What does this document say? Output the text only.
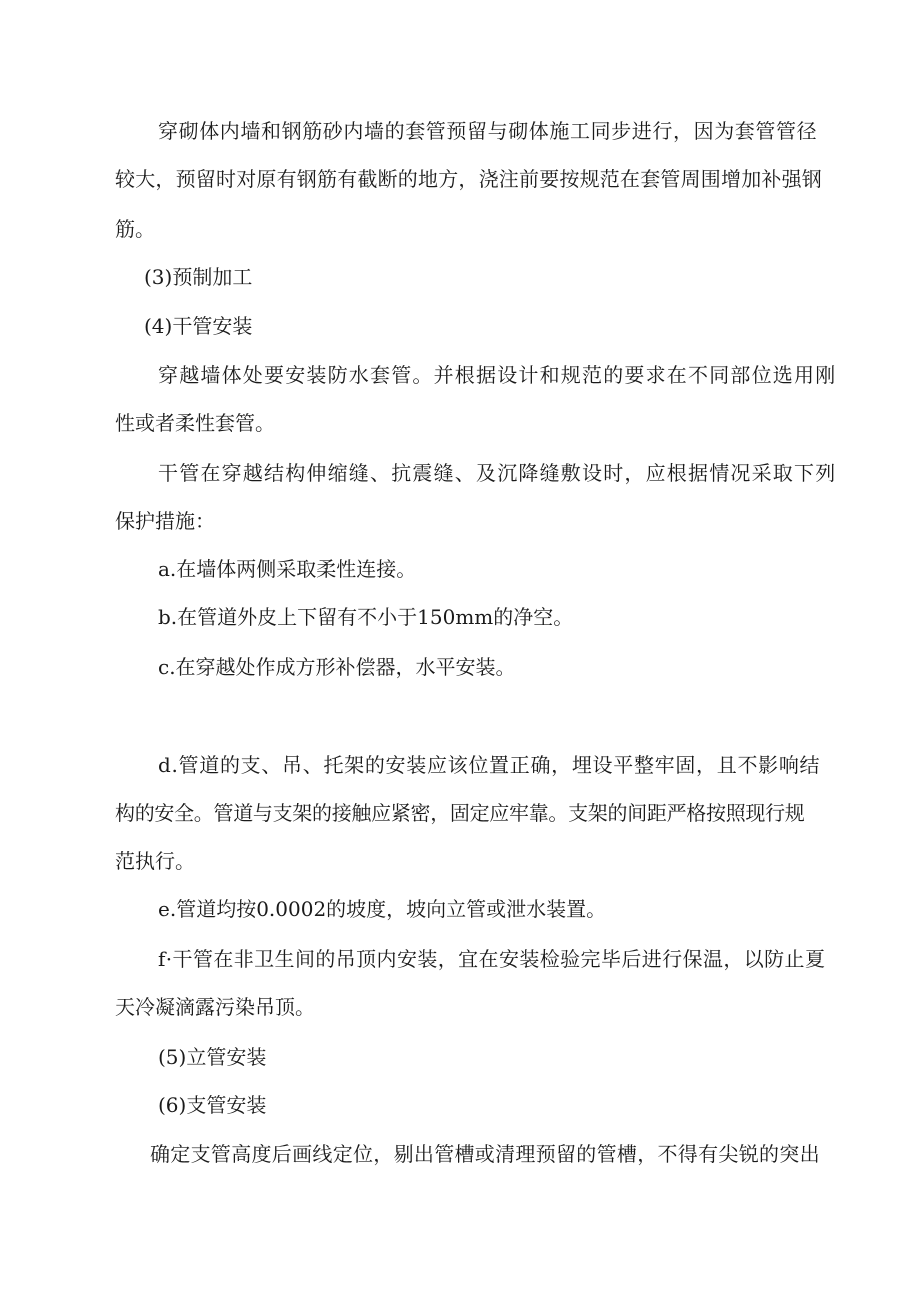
穿砌体内墙和钢筋砂内墙的套管预留与砌体施工同步进行，因为套管管径
较大，预留时对原有钢筋有截断的地方，浇注前要按规范在套管周围增加补强钢
筋。
(3)预制加工
(4)干管安装
穿越墙体处要安装防水套管。并根据设计和规范的要求在不同部位选用刚
性或者柔性套管。
干管在穿越结构伸缩缝、抗震缝、及沉降缝敷设时，应根据情况采取下列
保护措施：
a.在墙体两侧采取柔性连接。
b.在管道外皮上下留有不小于150mm的净空。
c.在穿越处作成方形补偿器，水平安装。
d.管道的支、吊、托架的安装应该位置正确，埋设平整牢固，且不影响结
构的安全。管道与支架的接触应紧密，固定应牢靠。支架的间距严格按照现行规
范执行。
e.管道均按0.0002的坡度，坡向立管或泄水装置。
f·干管在非卫生间的吊顶内安装，宜在安装检验完毕后进行保温，以防止夏
天冷凝滴露污染吊顶。
(5)立管安装
(6)支管安装
确定支管高度后画线定位，剔出管槽或清理预留的管槽，不得有尖锐的突出
